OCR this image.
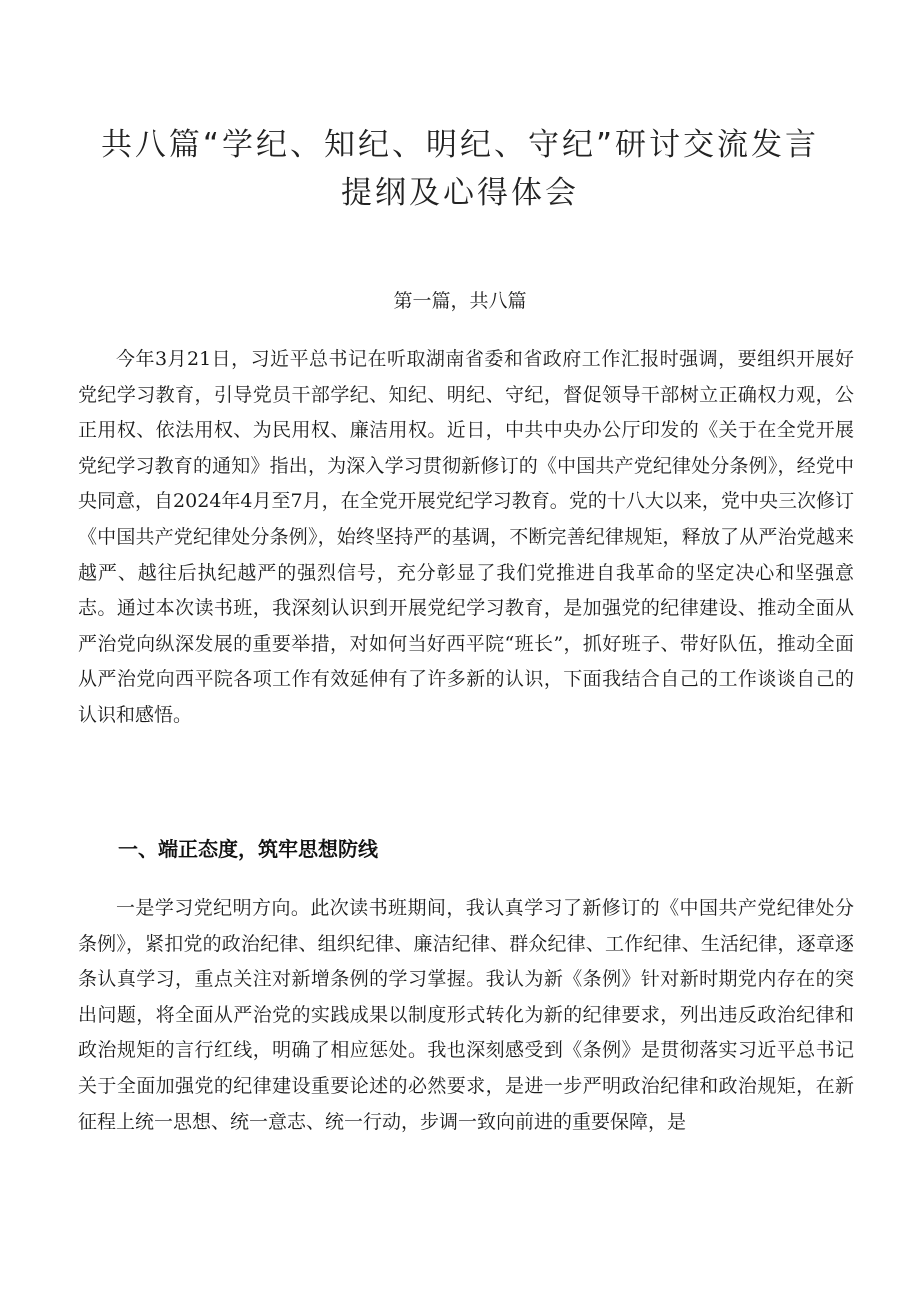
共八篇“学纪、知纪、明纪、守纪”研讨交流发言
提纲及心得体会

第一篇，共八篇

今年3月21日，习近平总书记在听取湖南省委和省政府工作汇报时强调，要组织开展好党纪学习教育，引导党员干部学纪、知纪、明纪、守纪，督促领导干部树立正确权力观，公正用权、依法用权、为民用权、廉洁用权。近日，中共中央办公厅印发的《关于在全党开展党纪学习教育的通知》指出，为深入学习贯彻新修订的《中国共产党纪律处分条例》，经党中央同意，自2024年4月至7月，在全党开展党纪学习教育。党的十八大以来，党中央三次修订《中国共产党纪律处分条例》，始终坚持严的基调，不断完善纪律规矩，释放了从严治党越来越严、越往后执纪越严的强烈信号，充分彰显了我们党推进自我革命的坚定决心和坚强意志。通过本次读书班，我深刻认识到开展党纪学习教育，是加强党的纪律建设、推动全面从严治党向纵深发展的重要举措，对如何当好西平院“班长”，抓好班子、带好队伍，推动全面从严治党向西平院各项工作有效延伸有了许多新的认识，下面我结合自己的工作谈谈自己的认识和感悟。

一、端正态度，筑牢思想防线

一是学习党纪明方向。此次读书班期间，我认真学习了新修订的《中国共产党纪律处分条例》，紧扣党的政治纪律、组织纪律、廉洁纪律、群众纪律、工作纪律、生活纪律，逐章逐条认真学习，重点关注对新增条例的学习掌握。我认为新《条例》针对新时期党内存在的突出问题，将全面从严治党的实践成果以制度形式转化为新的纪律要求，列出违反政治纪律和政治规矩的言行红线，明确了相应惩处。我也深刻感受到《条例》是贯彻落实习近平总书记关于全面加强党的纪律建设重要论述的必然要求，是进一步严明政治纪律和政治规矩，在新征程上统一思想、统一意志、统一行动，步调一致向前进的重要保障，是
